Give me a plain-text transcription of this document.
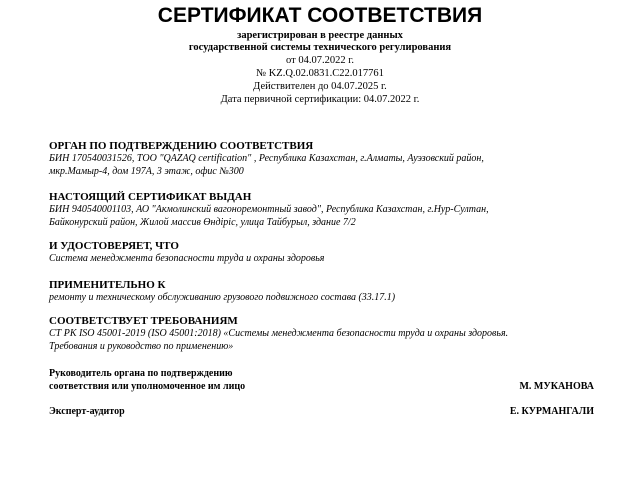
СЕРТИФИКАТ СООТВЕТСТВИЯ
зарегистрирован в реестре данных
государственной системы технического регулирования
от 04.07.2022 г.
№ KZ.Q.02.0831.C22.017761
Действителен до 04.07.2025 г.
Дата первичной сертификации: 04.07.2022 г.
ОРГАН ПО ПОДТВЕРЖДЕНИЮ СООТВЕТСТВИЯ
БИН 170540031526, ТОО "QAZAQ certification" , Республика Казахстан, г.Алматы, Ауэзовский район,
мкр.Мамыр-4, дом 197А, 3 этаж, офис №300
НАСТОЯЩИЙ СЕРТИФИКАТ ВЫДАН
БИН 940540001103, АО "Акмолинский вагоноремонтный завод", Республика Казахстан, г.Нур-Султан,
Байконурский район, Жилой массив Өндіріс, улица Тайбурыл, здание 7/2
И УДОСТОВЕРЯЕТ, ЧТО
Система менеджмента безопасности труда и охраны здоровья
ПРИМЕНИТЕЛЬНО К
ремонту и техническому обслуживанию грузового подвижного состава (33.17.1)
СООТВЕТСТВУЕТ ТРЕБОВАНИЯМ
СТ РК ISO 45001-2019 (ISO 45001:2018) «Системы менеджмента безопасности труда и охраны здоровья.
Требования и руководство по применению»
Руководитель органа по подтверждению
соответствия или уполномоченное им лицо	М. МУКАНОВА
Эксперт-аудитор	Е. КУРМАНГАЛИ
